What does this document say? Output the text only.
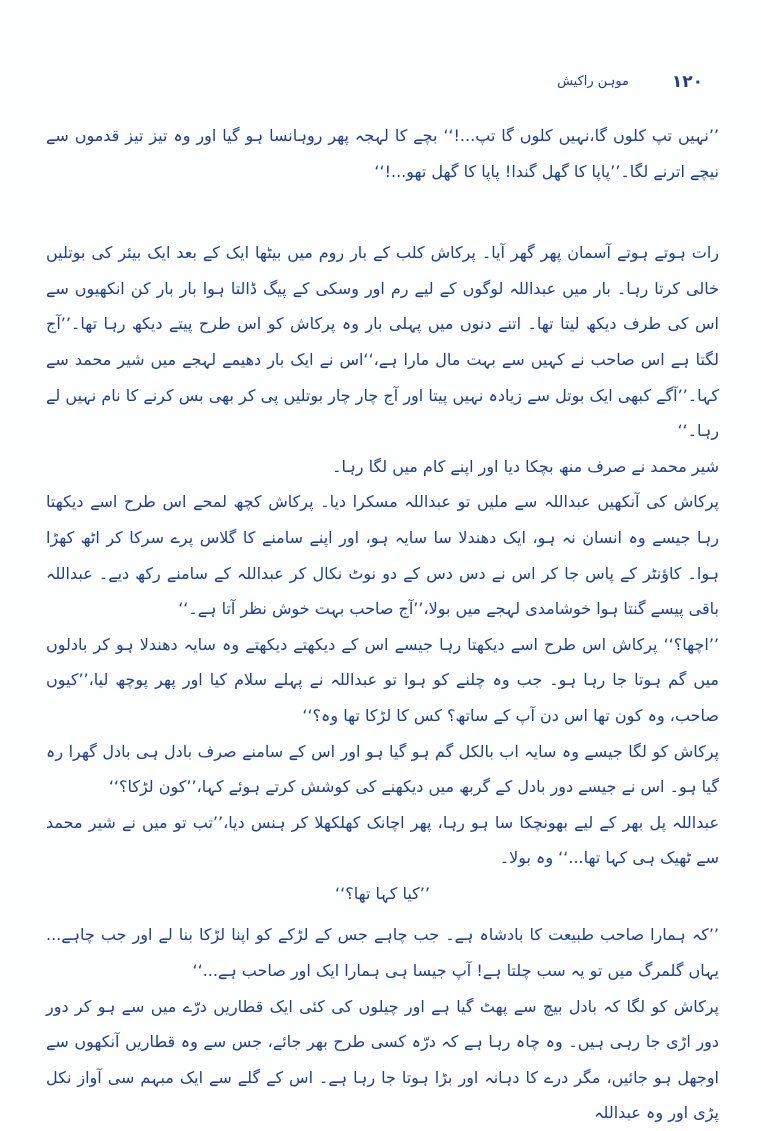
۱۲۰
موہن راکیش

’’نہیں تپ کلوں گا،نہیں کلوں گا تپ...!‘‘ بچے کا لہجہ پھر روہانسا ہو گیا اور وہ تیز تیز قدموں سے نیچے اترنے لگا۔’’پاپا کا گھل گندا! پاپا کا گھل تھو...!‘‘

رات ہوتے ہوتے آسمان پھر گھر آیا۔ پرکاش کلب کے بار روم میں بیٹھا ایک کے بعد ایک بیئر کی بوتلیں خالی کرتا رہا۔ بار میں عبداللہ لوگوں کے لیے رم اور وسکی کے پیگ ڈالتا ہوا بار بار کن انکھیوں سے اس کی طرف دیکھ لیتا تھا۔ اتنے دنوں میں پہلی بار وہ پرکاش کو اس طرح پیتے دیکھ رہا تھا۔’’آج لگتا ہے اس صاحب نے کہیں سے بہت مال مارا ہے،‘‘اس نے ایک بار دھیمے لہجے میں شیر محمد سے کہا۔’’آگے کبھی ایک بوتل سے زیادہ نہیں پیتا اور آج چار چار بوتلیں پی کر بھی بس کرنے کا نام نہیں لے رہا۔‘‘

شیر محمد نے صرف منھ بچکا دیا اور اپنے کام میں لگا رہا۔

پرکاش کی آنکھیں عبداللہ سے ملیں تو عبداللہ مسکرا دیا۔ پرکاش کچھ لمحے اس طرح اسے دیکھتا رہا جیسے وہ انسان نہ ہو، ایک دھندلا سا سایہ ہو، اور اپنے سامنے کا گلاس پرے سرکا کر اٹھ کھڑا ہوا۔ کاؤنٹر کے پاس جا کر اس نے دس دس کے دو نوٹ نکال کر عبداللہ کے سامنے رکھ دیے۔ عبداللہ باقی پیسے گنتا ہوا خوشامدی لہجے میں بولا،’’آج صاحب بہت خوش نظر آتا ہے۔‘‘

’’اچھا؟‘‘ پرکاش اس طرح اسے دیکھتا رہا جیسے اس کے دیکھتے دیکھتے وہ سایہ دھندلا ہو کر بادلوں میں گم ہوتا جا رہا ہو۔ جب وہ چلنے کو ہوا تو عبداللہ نے پہلے سلام کیا اور پھر پوچھ لیا،’’کیوں صاحب، وہ کون تھا اس دن آپ کے ساتھ؟ کس کا لڑکا تھا وہ؟‘‘

پرکاش کو لگا جیسے وہ سایہ اب بالکل گم ہو گیا ہو اور اس کے سامنے صرف بادل ہی بادل گھرا رہ گیا ہو۔ اس نے جیسے دور بادل کے گربھ میں دیکھنے کی کوشش کرتے ہوئے کہا،’’کون لڑکا؟‘‘

عبداللہ پل بھر کے لیے بھونچکا سا ہو رہا، پھر اچانک کھلکھلا کر ہنس دیا،’’تب تو میں نے شیر محمد سے ٹھیک ہی کہا تھا...‘‘ وہ بولا۔

’’کیا کہا تھا؟‘‘

’’کہ ہمارا صاحب طبیعت کا بادشاہ ہے۔ جب چاہے جس کے لڑکے کو اپنا لڑکا بنا لے اور جب چاہے... یہاں گلمرگ میں تو یہ سب چلتا ہے! آپ جیسا ہی ہمارا ایک اور صاحب ہے...‘‘

پرکاش کو لگا کہ بادل بیچ سے پھٹ گیا ہے اور چیلوں کی کئی ایک قطاریں درّے میں سے ہو کر دور دور اڑی جا رہی ہیں۔ وہ چاہ رہا ہے کہ درّہ کسی طرح بھر جائے، جس سے وہ قطاریں آنکھوں سے اوجھل ہو جائیں، مگر درے کا دہانہ اور بڑا ہوتا جا رہا ہے۔ اس کے گلے سے ایک مبہم سی آواز نکل پڑی اور وہ عبداللہ
